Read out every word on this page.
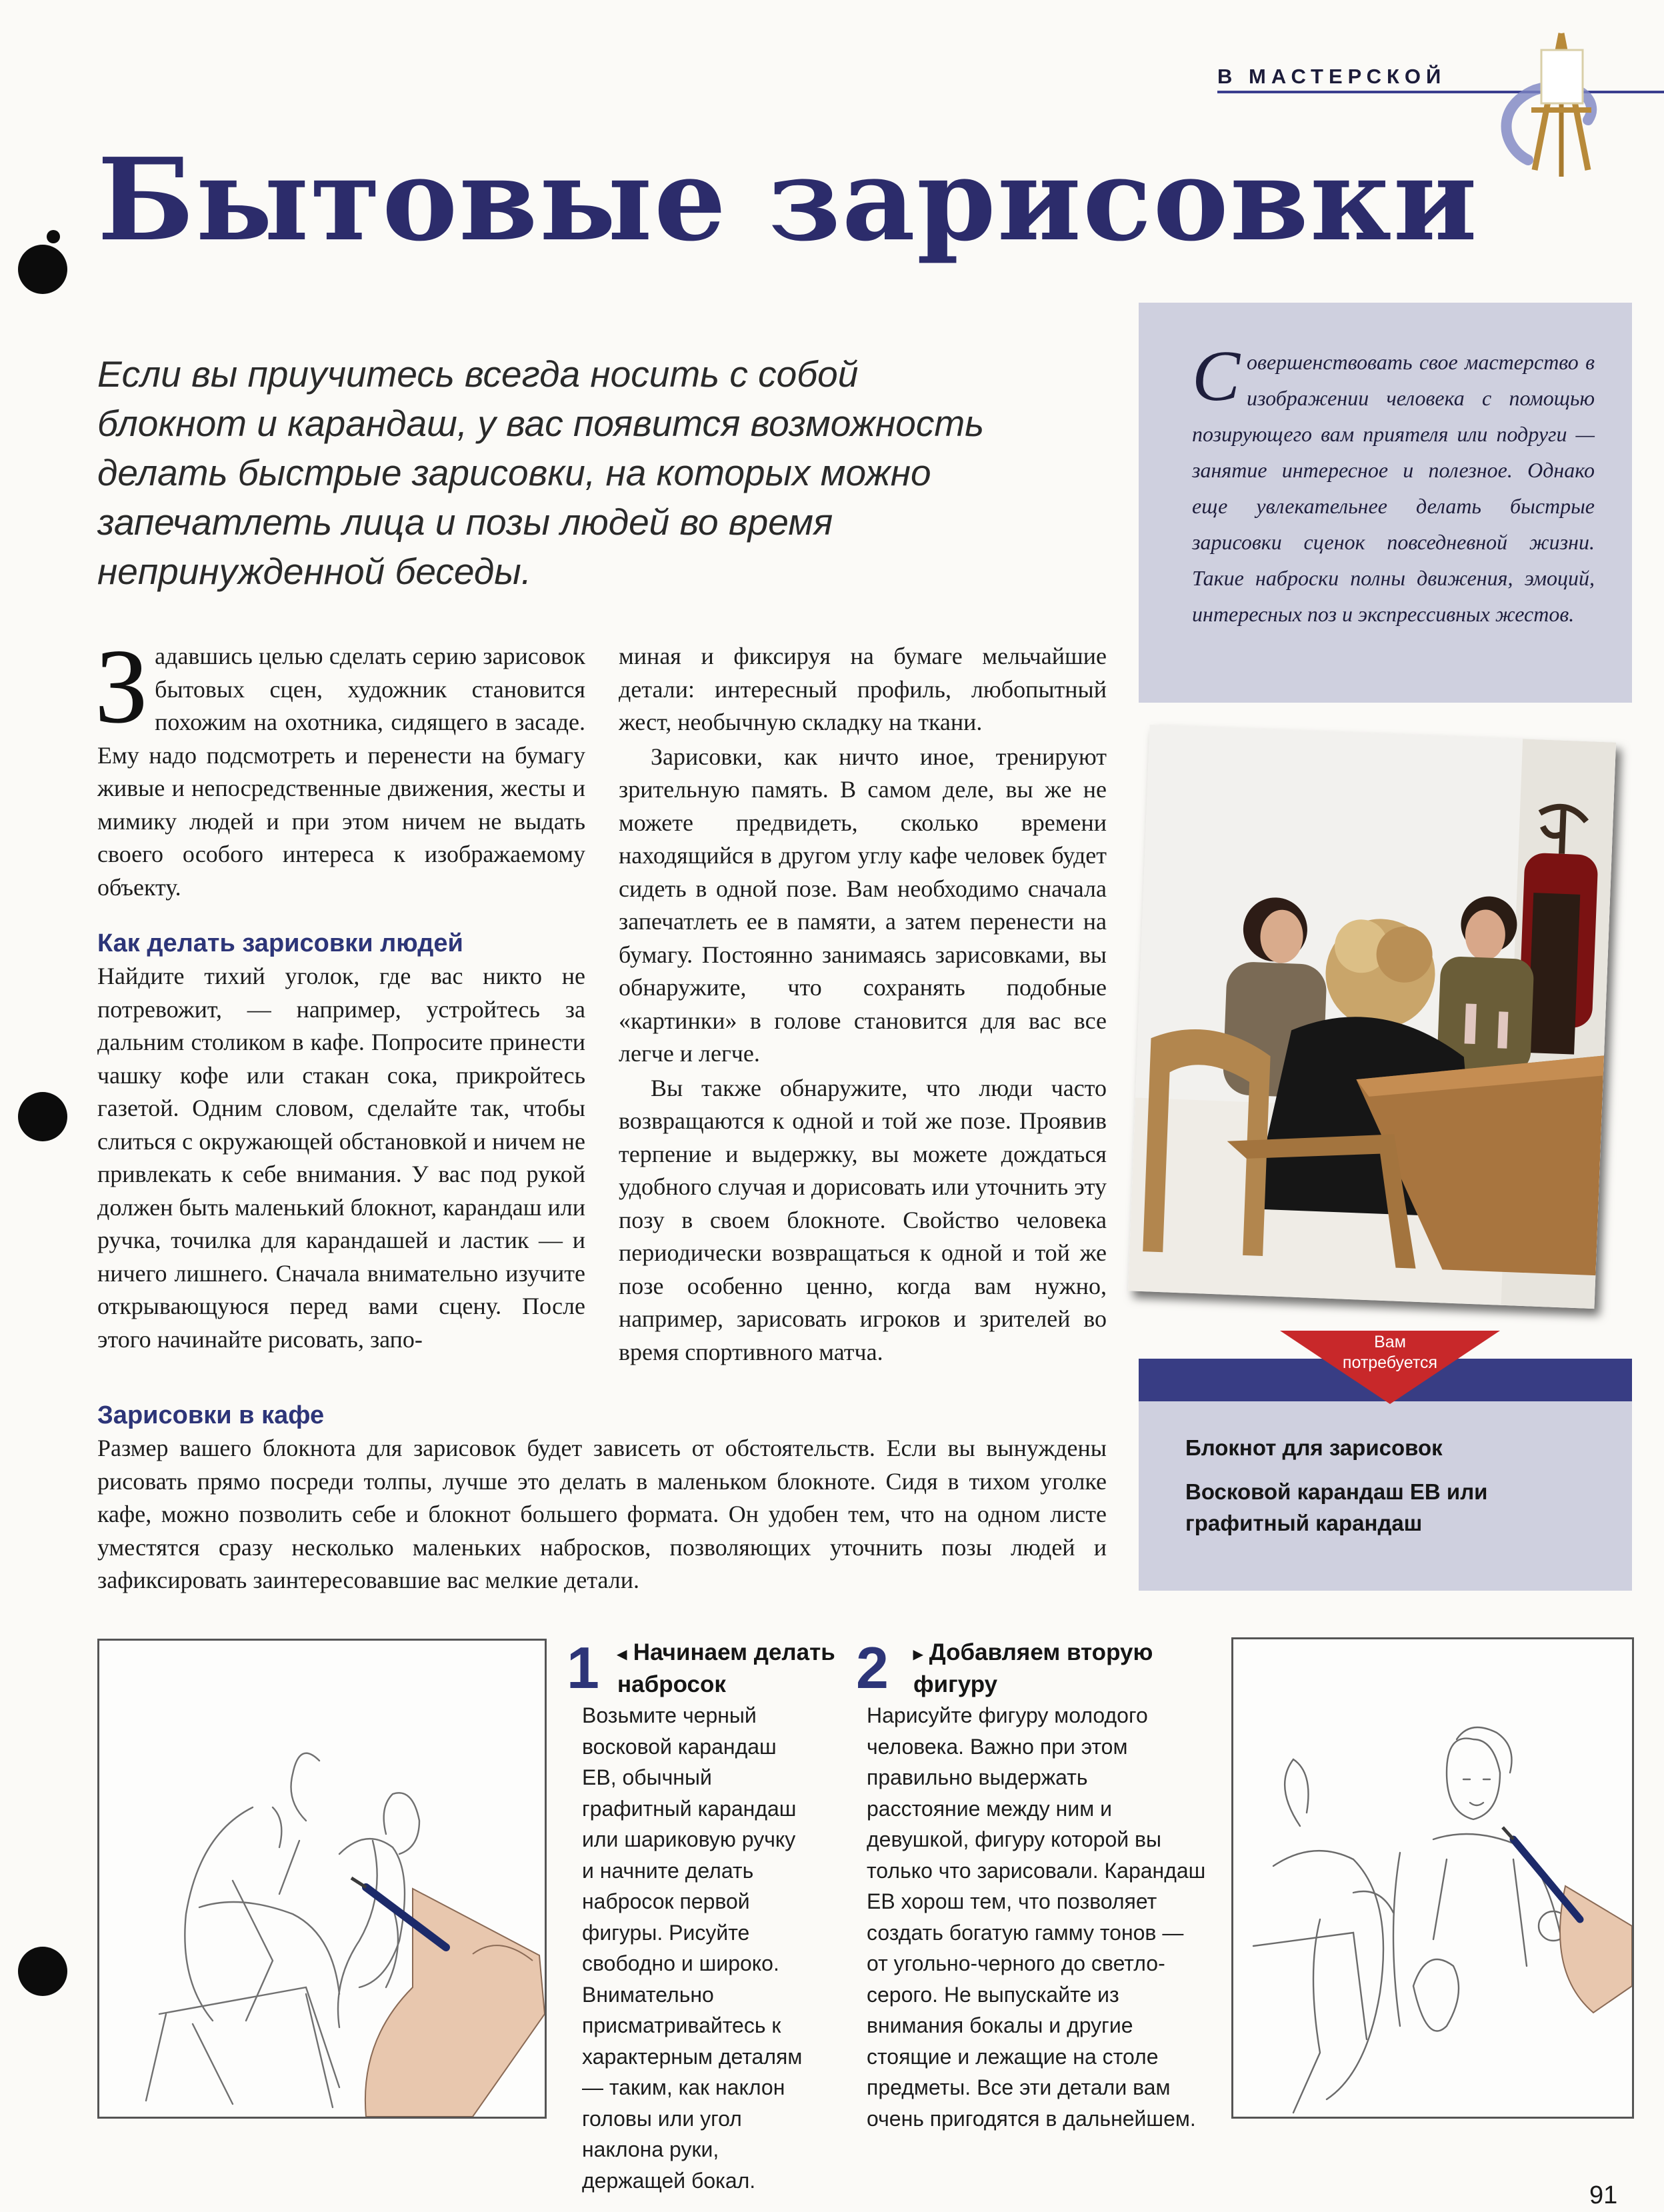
В МАСТЕРСКОЙ
Бытовые зарисовки

Если вы приучитесь всегда носить с собой блокнот и карандаш, у вас появится возможность делать быстрые зарисовки, на которых можно запечатлеть лица и позы людей во время непринужденной беседы.

Совершенствовать свое мастерство в изображении человека с помощью позирующего вам приятеля или подруги — занятие интересное и полезное. Однако еще увлекательнее делать быстрые зарисовки сценок повседневной жизни. Такие наброски полны движения, эмоций, интересных поз и экспрессивных жестов.

Задавшись целью сделать серию зарисовок бытовых сцен, художник становится похожим на охотника, сидящего в засаде. Ему надо подсмотреть и перенести на бумагу живые и непосредственные движения, жесты и мимику людей и при этом ничем не выдать своего особого интереса к изображаемому объекту.

Как делать зарисовки людей

Найдите тихий уголок, где вас никто не потревожит, — например, устройтесь за дальним столиком в кафе. Попросите принести чашку кофе или стакан сока, прикройтесь газетой. Одним словом, сделайте так, чтобы слиться с окружающей обстановкой и ничем не привлекать к себе внимания. У вас под рукой должен быть маленький блокнот, карандаш или ручка, точилка для карандашей и ластик — и ничего лишнего. Сначала внимательно изучите открывающуюся перед вами сцену. После этого начинайте рисовать, запо-

миная и фиксируя на бумаге мельчайшие детали: интересный профиль, любопытный жест, необычную складку на ткани.

Зарисовки, как ничто иное, тренируют зрительную память. В самом деле, вы же не можете предвидеть, сколько времени находящийся в другом углу кафе человек будет сидеть в одной позе. Вам необходимо сначала запечатлеть ее в памяти, а затем перенести на бумагу. Постоянно занимаясь зарисовками, вы обнаружите, что сохранять подобные «картинки» в голове становится для вас все легче и легче.

Вы также обнаружите, что люди часто возвращаются к одной и той же позе. Проявив терпение и выдержку, вы можете дождаться удобного случая и дорисовать или уточнить эту позу в своем блокноте. Свойство человека периодически возвращаться к одной и той же позе особенно ценно, когда вам нужно, например, зарисовать игроков и зрителей во время спортивного матча.	Вам
потребуется
Блокнот для зарисовок
Восковой карандаш ЕВ или графитный карандаш

Зарисовки в кафе

Размер вашего блокнота для зарисовок будет зависеть от обстоятельств. Если вы вынуждены рисовать прямо посреди толпы, лучше это делать в маленьком блокноте. Сидя в тихом уголке кафе, можно позволить себе и блокнот большего формата. Он удобен тем, что на одном листе уместятся сразу несколько маленьких набросков, позволяющих уточнить позы людей и зафиксировать заинтересовавшие вас мелкие детали.

1 ◂ Начинаем делать набросок

Возьмите черный восковой карандаш ЕВ, обычный графитный карандаш или шариковую ручку и начните делать набросок первой фигуры. Рисуйте свободно и широко. Внимательно присматривайтесь к характерным деталям — таким, как наклон головы или угол наклона руки, держащей бокал.

2 ▸ Добавляем вторую фигуру

Нарисуйте фигуру молодого человека. Важно при этом правильно выдержать расстояние между ним и девушкой, фигуру которой вы только что зарисовали. Карандаш ЕВ хорош тем, что позволяет создать богатую гамму тонов — от угольно-черного до светло-серого. Не выпускайте из внимания бокалы и другие стоящие и лежащие на столе предметы. Все эти детали вам очень пригодятся в дальнейшем.

91
